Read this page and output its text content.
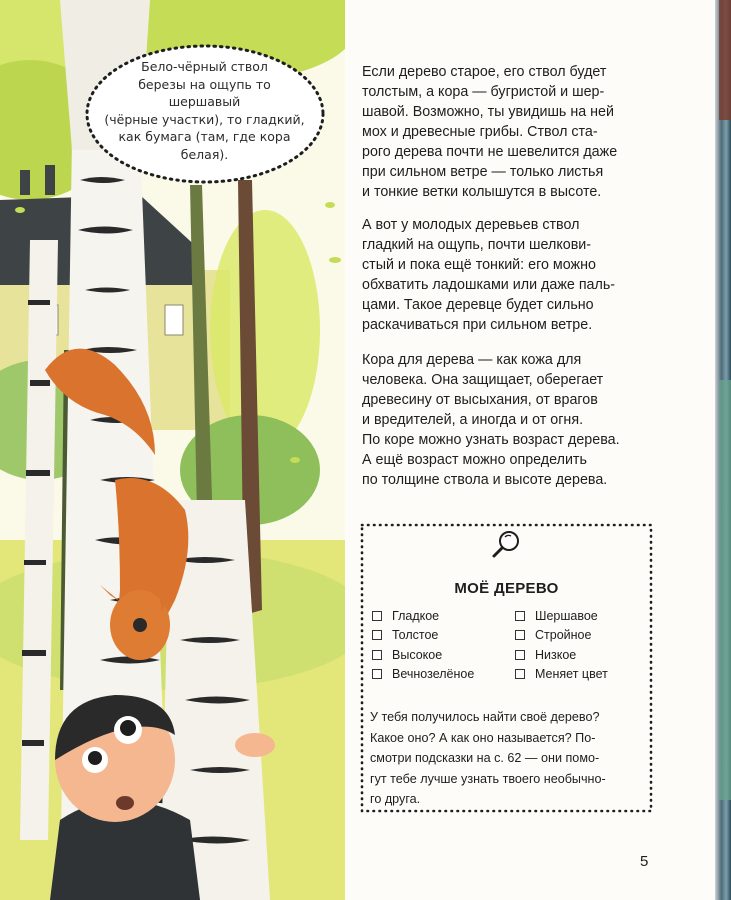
Бело-чёрный ствол
березы на ощупь то шершавый
(чёрные участки), то гладкий,
как бумага (там, где кора
белая).

Если дерево старое, его ствол будет
толстым, а кора — бугристой и шер-
шавой. Возможно, ты увидишь на ней
мох и древесные грибы. Ствол ста-
рого дерева почти не шевелится даже
при сильном ветре — только листья
и тонкие ветки колышутся в высоте.

А вот у молодых деревьев ствол
гладкий на ощупь, почти шелкови-
стый и пока ещё тонкий: его можно
обхватить ладошками или даже паль-
цами. Такое деревце будет сильно
раскачиваться при сильном ветре.

Кора для дерева — как кожа для
человека. Она защищает, оберегает
древесину от высыхания, от врагов
и вредителей, а иногда и от огня.
По коре можно узнать возраст дерева.
А ещё возраст можно определить
по толщине ствола и высоте дерева.

МОЁ ДЕРЕВО
Гладкое
Толстое
Высокое
Вечнозелёное
Шершавое
Стройное
Низкое
Меняет цвет
У тебя получилось найти своё дерево?
Какое оно? А как оно называется? По-
смотри подсказки на с. 62 — они помо-
гут тебе лучше узнать твоего необычно-
го друга.
5
